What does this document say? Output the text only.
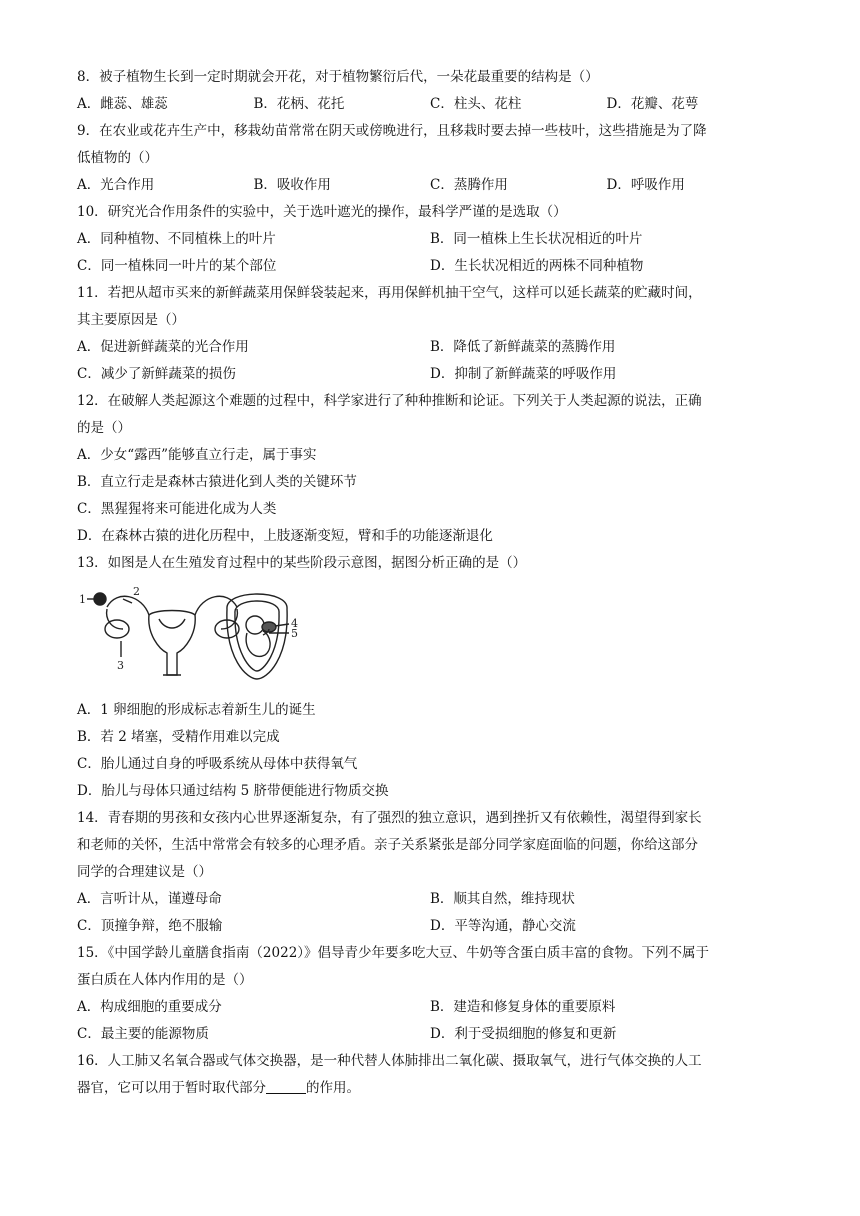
8．被子植物生长到一定时期就会开花，对于植物繁衍后代，一朵花最重要的结构是（）
A．雌蕊、雄蕊	B．花柄、花托	C．柱头、花柱	D．花瓣、花萼
9．在农业或花卉生产中，移栽幼苗常常在阴天或傍晚进行，且移栽时要去掉一些枝叶，这些措施是为了降
低植物的（）
A．光合作用	B．吸收作用	C．蒸腾作用	D．呼吸作用
10．研究光合作用条件的实验中，关于选叶遮光的操作，最科学严谨的是选取（）
A．同种植物、不同植株上的叶片	B．同一植株上生长状况相近的叶片
C．同一植株同一叶片的某个部位	D．生长状况相近的两株不同种植物
11．若把从超市买来的新鲜蔬菜用保鲜袋装起来，再用保鲜机抽干空气，这样可以延长蔬菜的贮藏时间，
其主要原因是（）
A．促进新鲜蔬菜的光合作用	B．降低了新鲜蔬菜的蒸腾作用
C．减少了新鲜蔬菜的损伤	D．抑制了新鲜蔬菜的呼吸作用
12．在破解人类起源这个难题的过程中，科学家进行了种种推断和论证。下列关于人类起源的说法，正确
的是（）
A．少女“露西”能够直立行走，属于事实
B．直立行走是森林古猿进化到人类的关键环节
C．黑猩猩将来可能进化成为人类
D．在森林古猿的进化历程中，上肢逐渐变短，臂和手的功能逐渐退化
13．如图是人在生殖发育过程中的某些阶段示意图，据图分析正确的是（）
1
2
3
4
5
A．1 卵细胞的形成标志着新生儿的诞生
B．若 2 堵塞，受精作用难以完成
C．胎儿通过自身的呼吸系统从母体中获得氧气
D．胎儿与母体只通过结构 5 脐带便能进行物质交换
14．青春期的男孩和女孩内心世界逐渐复杂，有了强烈的独立意识，遇到挫折又有依赖性，渴望得到家长
和老师的关怀，生活中常常会有较多的心理矛盾。亲子关系紧张是部分同学家庭面临的问题，你给这部分
同学的合理建议是（）
A．言听计从，谨遵母命	B．顺其自然，维持现状
C．顶撞争辩，绝不服输	D．平等沟通，静心交流
15．《中国学龄儿童膳食指南（2022）》倡导青少年要多吃大豆、牛奶等含蛋白质丰富的食物。下列不属于
蛋白质在人体内作用的是（）
A．构成细胞的重要成分	B．建造和修复身体的重要原料
C．最主要的能源物质	D．利于受损细胞的修复和更新
16．人工肺又名氧合器或气体交换器，是一种代替人体肺排出二氧化碳、摄取氧气，进行气体交换的人工
器官，它可以用于暂时取代部分	的作用。
